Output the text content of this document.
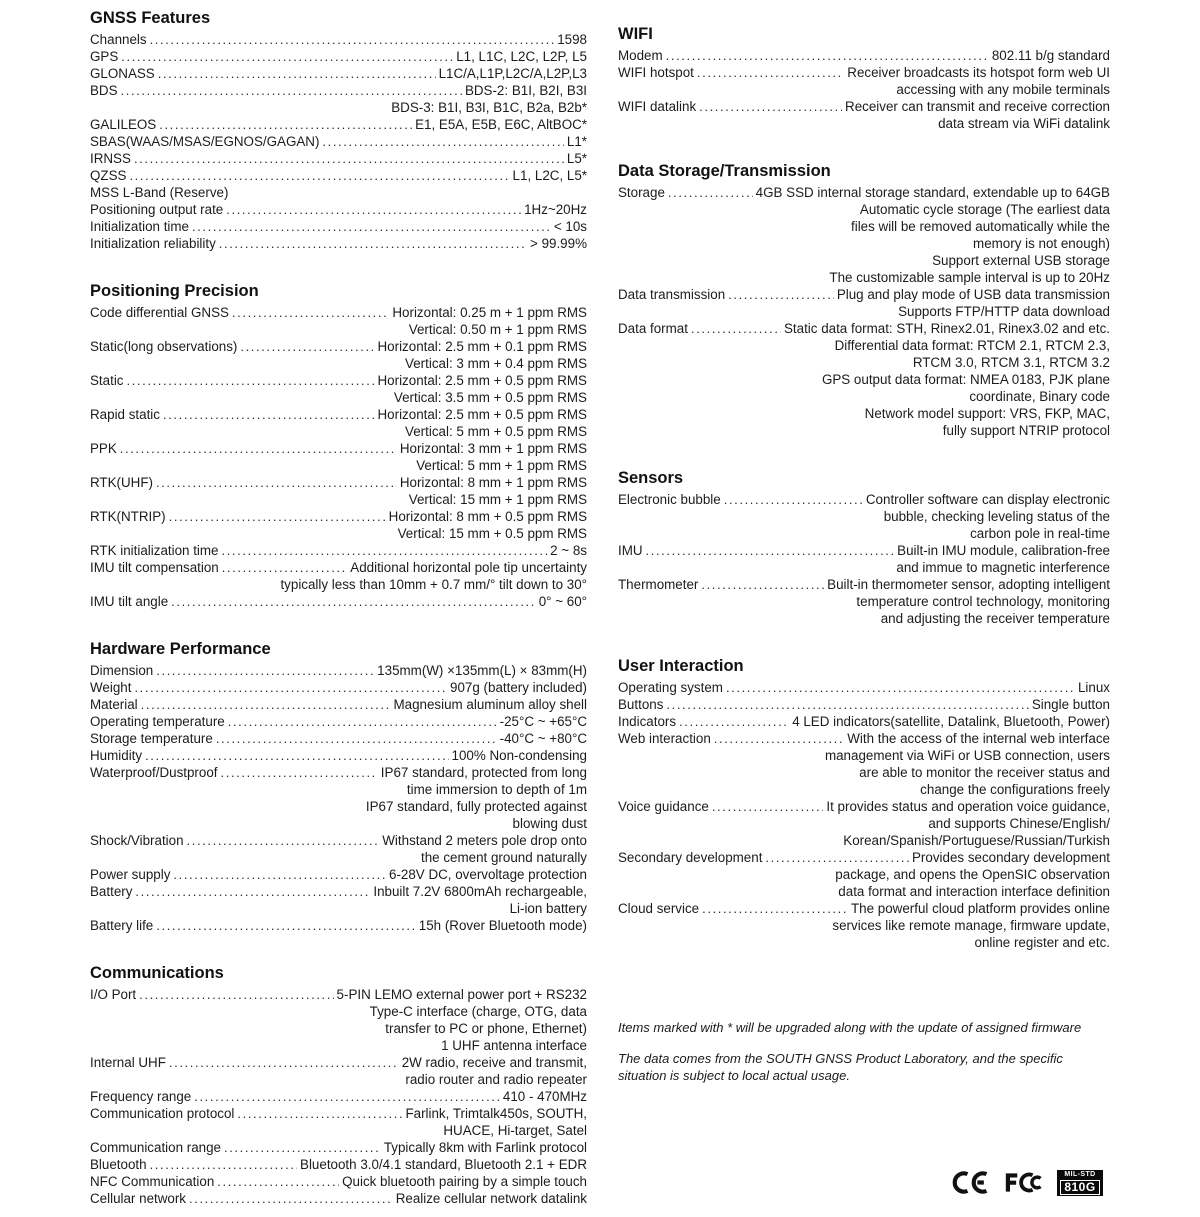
GNSS Features
Channels .....	1598
GPS .....	L1, L1C, L2C, L2P, L5
GLONASS .....	L1C/A,L1P,L2C/A,L2P,L3
BDS .....	BDS-2: B1I, B2I, B3I
BDS-3: B1I, B3I, B1C, B2a, B2b*
GALILEOS .....	E1, E5A, E5B, E6C, AltBOC*
SBAS(WAAS/MSAS/EGNOS/GAGAN) .....	L1*
IRNSS .....	L5*
QZSS .....	L1, L2C, L5*
MSS L-Band (Reserve)
Positioning output rate .....	1Hz~20Hz
Initialization time .....	< 10s
Initialization reliability .....	> 99.99%
Positioning Precision
Code differential GNSS .....	Horizontal: 0.25 m + 1 ppm RMS
Vertical: 0.50 m + 1 ppm RMS
Static(long observations) .....	Horizontal: 2.5 mm + 0.1 ppm RMS
Vertical: 3 mm + 0.4 ppm RMS
Static .....	Horizontal: 2.5 mm + 0.5 ppm RMS
Vertical: 3.5 mm + 0.5 ppm RMS
Rapid static .....	Horizontal: 2.5 mm + 0.5 ppm RMS
Vertical: 5 mm + 0.5 ppm RMS
PPK .....	Horizontal: 3 mm + 1 ppm RMS
Vertical: 5 mm + 1 ppm RMS
RTK(UHF) .....	Horizontal: 8 mm + 1 ppm RMS
Vertical: 15 mm + 1 ppm RMS
RTK(NTRIP) .....	Horizontal: 8 mm + 0.5 ppm RMS
Vertical: 15 mm + 0.5 ppm RMS
RTK initialization time .....	2 ~ 8s
IMU tilt compensation .....	Additional horizontal pole tip uncertainty
typically less than 10mm + 0.7 mm/° tilt down to 30°
IMU tilt angle .....	0° ~ 60°
Hardware Performance
Dimension .....	135mm(W) ×135mm(L) × 83mm(H)
Weight .....	907g (battery included)
Material .....	Magnesium aluminum alloy shell
Operating temperature .....	-25°C ~ +65°C
Storage temperature .....	-40°C ~ +80°C
Humidity .....	100% Non-condensing
Waterproof/Dustproof .....	IP67 standard, protected from long
time immersion to depth of 1m
IP67 standard, fully protected against
blowing dust
Shock/Vibration .....	Withstand 2 meters pole drop onto
the cement ground naturally
Power supply .....	6-28V DC, overvoltage protection
Battery .....	Inbuilt 7.2V 6800mAh rechargeable,
Li-ion battery
Battery life .....	15h (Rover Bluetooth mode)
Communications
I/O Port .....	5-PIN LEMO external power port + RS232
Type-C interface (charge, OTG, data
transfer to PC or phone, Ethernet)
1 UHF antenna interface
Internal UHF .....	2W radio, receive and transmit,
radio router and radio repeater
Frequency range .....	410 - 470MHz
Communication protocol .....	Farlink, Trimtalk450s, SOUTH,
HUACE, Hi-target, Satel
Communication range .....	Typically 8km with Farlink protocol
Bluetooth .....	Bluetooth 3.0/4.1 standard, Bluetooth 2.1 + EDR
NFC Communication .....	Quick bluetooth pairing by a simple touch
Cellular network .....	Realize cellular network datalink
WIFI
Modem .....	802.11 b/g standard
WIFI hotspot .....	Receiver broadcasts its hotspot form web UI
accessing with any mobile terminals
WIFI datalink .....	Receiver can transmit and receive correction
data stream via WiFi datalink
Data Storage/Transmission
Storage .....	4GB SSD internal storage standard, extendable up to 64GB
Automatic cycle storage (The earliest data
files will be removed automatically while the
memory is not enough)
Support external USB storage
The customizable sample interval is up to 20Hz
Data transmission .....	Plug and play mode of USB data transmission
Supports FTP/HTTP data download
Data format .....	Static data format: STH, Rinex2.01, Rinex3.02 and etc.
Differential data format: RTCM 2.1, RTCM 2.3,
RTCM 3.0, RTCM 3.1, RTCM 3.2
GPS output data format: NMEA 0183, PJK plane
coordinate, Binary code
Network model support: VRS, FKP, MAC,
fully support NTRIP protocol
Sensors
Electronic bubble .....	Controller software can display electronic
bubble, checking leveling status of the
carbon pole in real-time
IMU .....	Built-in IMU module, calibration-free
and immue to magnetic interference
Thermometer .....	Built-in thermometer sensor, adopting intelligent
temperature control technology, monitoring
and adjusting the receiver temperature
User Interaction
Operating system .....	Linux
Buttons .....	Single button
Indicators .....	4 LED indicators(satellite, Datalink, Bluetooth, Power)
Web interaction .....	With the access of the internal web interface
management via WiFi or USB connection, users
are able to monitor the receiver status and
change the configurations freely
Voice guidance .....	It provides status and operation voice guidance,
and supports Chinese/English/
Korean/Spanish/Portuguese/Russian/Turkish
Secondary development .....	Provides secondary development
package, and opens the OpenSIC observation
data format and interaction interface definition
Cloud service .....	The powerful cloud platform provides online
services like remote manage, firmware update,
online register and etc.

Items marked with * will be upgraded along with the update of assigned firmware

The data comes from the SOUTH GNSS Product Laboratory, and the specific situation is subject to local actual usage.

MIL-STD
810G
